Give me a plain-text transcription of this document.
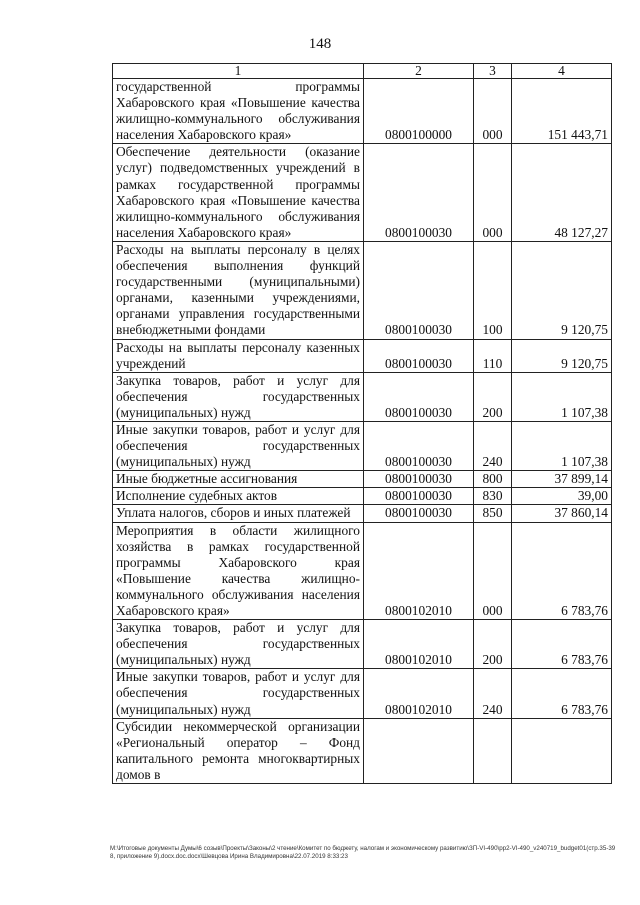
148
1	2	3	4
государственной программы Хабаровского края «Повышение качества жилищно-коммунального обслуживания населения Хабаровского края»	0800100000	000	151 443,71
Обеспечение деятельности (оказание услуг) подведомственных учреждений в рамках государственной программы Хабаровского края «Повышение качества жилищно-коммунального обслуживания населения Хабаровского края»	0800100030	000	48 127,27
Расходы на выплаты персоналу в целях обеспечения выполнения функций государственными (муниципальными) органами, казенными учреждениями, органами управления государственными внебюджетными фондами	0800100030	100	9 120,75
Расходы на выплаты персоналу казенных учреждений	0800100030	110	9 120,75
Закупка товаров, работ и услуг для обеспечения государственных (муниципальных) нужд	0800100030	200	1 107,38
Иные закупки товаров, работ и услуг для обеспечения государственных (муниципальных) нужд	0800100030	240	1 107,38
Иные бюджетные ассигнования	0800100030	800	37 899,14
Исполнение судебных актов	0800100030	830	39,00
Уплата налогов, сборов и иных платежей	0800100030	850	37 860,14
Мероприятия в области жилищного хозяйства в рамках государственной программы Хабаровского края «Повышение качества жилищно-коммунального обслуживания населения Хабаровского края»	0800102010	000	6 783,76
Закупка товаров, работ и услуг для обеспечения государственных (муниципальных) нужд	0800102010	200	6 783,76
Иные закупки товаров, работ и услуг для обеспечения государственных (муниципальных) нужд	0800102010	240	6 783,76
Субсидии некоммерческой организации «Региональный оператор – Фонд капитального ремонта многоквартирных домов в			
M:\Итоговые документы Думы\6 созыв\Проекты\Законы\2 чтение\Комитет по бюджету, налогам и экономическому развитию\ЗП-VI-490\рр2-VI-490_v240719_budget01(стр.35-398, приложение 9).docx.doc.docx\Шевцова Ирина Владимировна\22.07.2019 8:33:23
